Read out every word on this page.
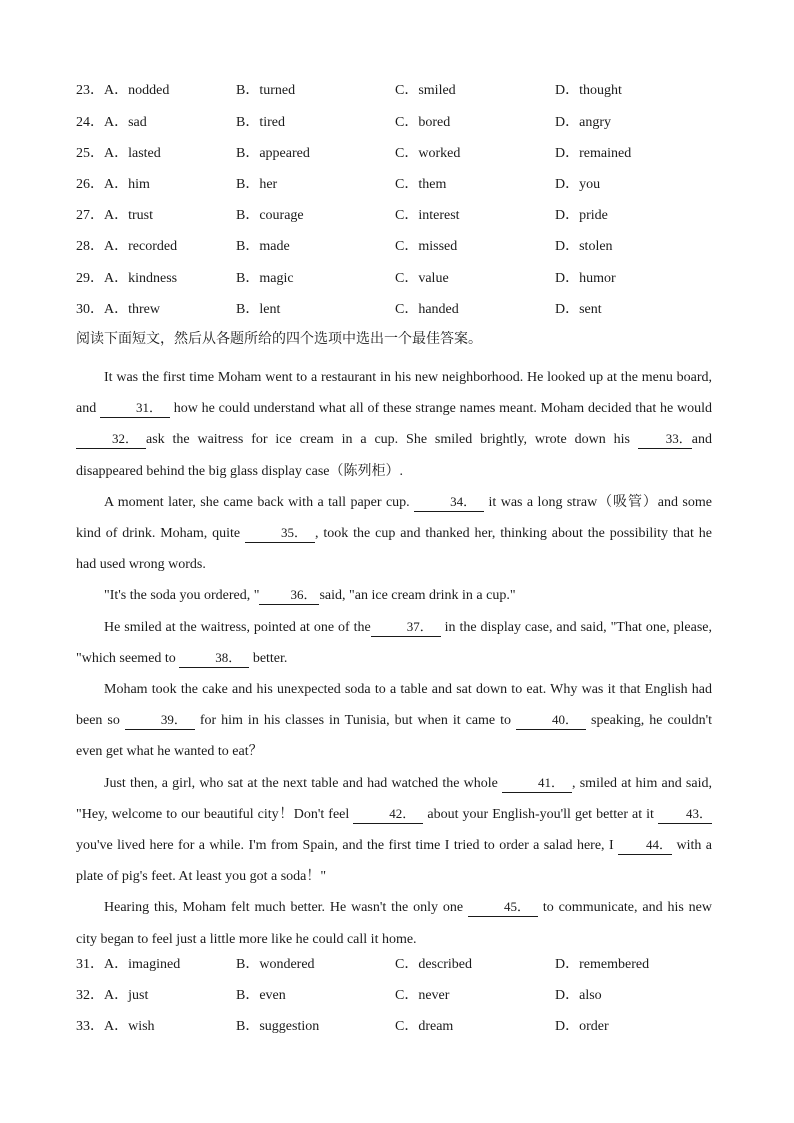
23．A．nodded	B．turned	C．smiled	D．thought
24．A．sad	B．tired	C．bored	D．angry
25．A．lasted	B．appeared	C．worked	D．remained
26．A．him	B．her	C．them	D．you
27．A．trust	B．courage	C．interest	D．pride
28．A．recorded	B．made	C．missed	D．stolen
29．A．kindness	B．magic	C．value	D．humor
30．A．threw	B．lent	C．handed	D．sent
阅读下面短文，然后从各题所给的四个选项中选出一个最佳答案。

It was the first time Moham went to a restaurant in his new neighborhood. He looked up at the menu board, and	31． how he could understand what all of these strange names meant. Moham decided that he would 32． ask the waitress for ice cream in a cup. She smiled brightly, wrote down his 33．and disappeared behind the big glass display case（陈列柜）.

A moment later, she came back with a tall paper cup.	34． it was a long straw（吸管）and some kind of drink. Moham, quite	35． , took the cup and thanked her, thinking about the possibility that he had used wrong words.

"It's the soda you ordered, " 36． said, "an ice cream drink in a cup."

He smiled at the waitress, pointed at one of the	37． in the display case, and said, "That one, please, "which seemed to	38． better.

Moham took the cake and his unexpected soda to a table and sat down to eat. Why was it that English had been so	39． for him in his classes in Tunisia, but when it came to	40． speaking, he couldn't even get what he wanted to eat？

Just then, a girl, who sat at the next table and had watched the whole	41． , smiled at him and said, "Hey, welcome to our beautiful city！Don't feel	42． about your English-you'll get better at it 43． you've lived here for a while. I'm from Spain, and the first time I tried to order a salad here, I 44． with a plate of pig's feet. At least you got a soda！"

Hearing this, Moham felt much better. He wasn't the only one	45． to communicate, and his new city began to feel just a little more like he could call it home.

31．A．imagined	B．wondered	C．described	D．remembered
32．A．just	B．even	C．never	D．also
33．A．wish	B．suggestion	C．dream	D．order
